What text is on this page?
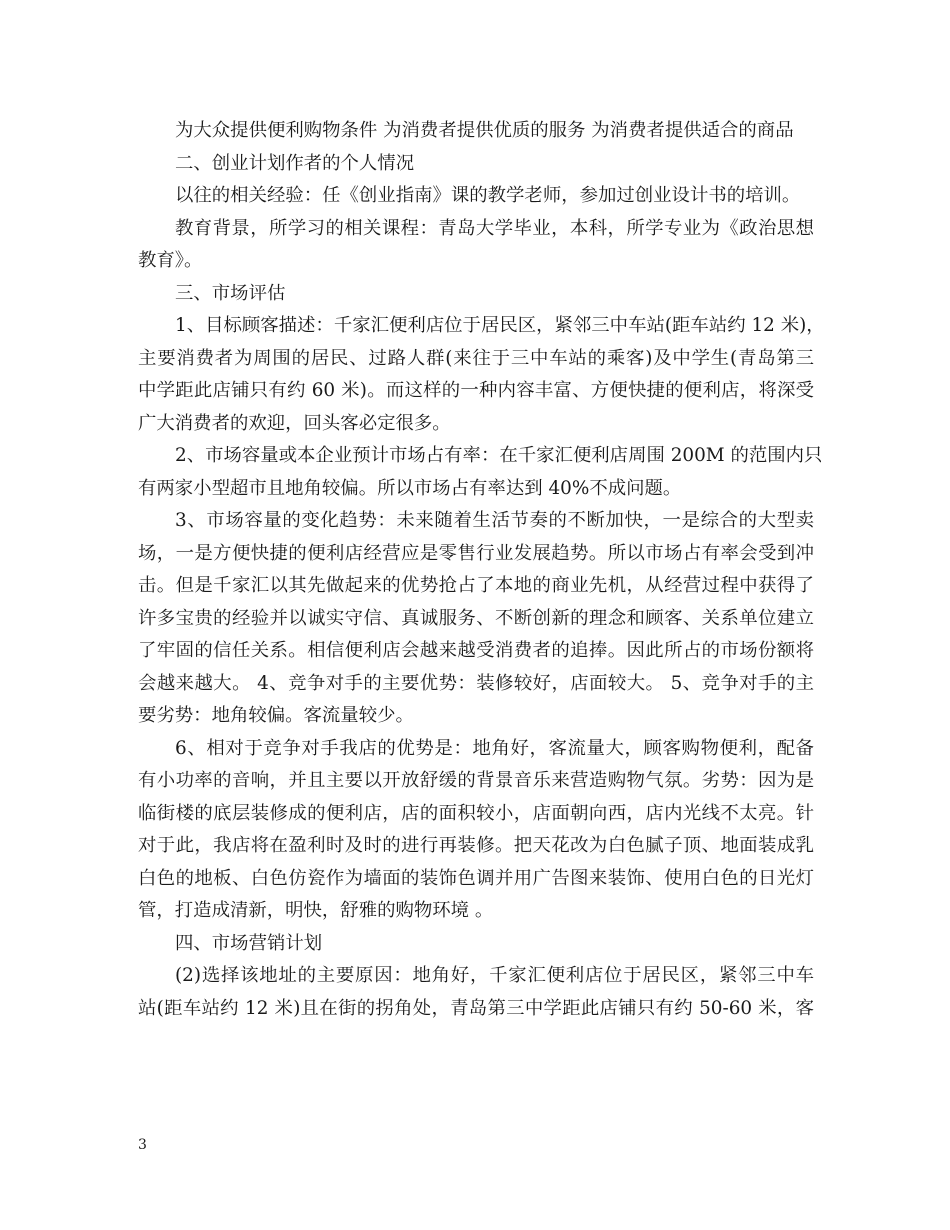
为大众提供便利购物条件 为消费者提供优质的服务 为消费者提供适合的商品
二、创业计划作者的个人情况
以往的相关经验：任《创业指南》课的教学老师，参加过创业设计书的培训。
教育背景，所学习的相关课程：青岛大学毕业，本科，所学专业为《政治思想
教育》。
三、市场评估
1、目标顾客描述：千家汇便利店位于居民区，紧邻三中车站(距车站约 12 米)，
主要消费者为周围的居民、过路人群(来往于三中车站的乘客)及中学生(青岛第三
中学距此店铺只有约 60 米)。而这样的一种内容丰富、方便快捷的便利店，将深受
广大消费者的欢迎，回头客必定很多。
2、市场容量或本企业预计市场占有率：在千家汇便利店周围 200M 的范围内只
有两家小型超市且地角较偏。所以市场占有率达到 40%不成问题。
3、市场容量的变化趋势：未来随着生活节奏的不断加快，一是综合的大型卖
场，一是方便快捷的便利店经营应是零售行业发展趋势。所以市场占有率会受到冲
击。但是千家汇以其先做起来的优势抢占了本地的商业先机，从经营过程中获得了
许多宝贵的经验并以诚实守信、真诚服务、不断创新的理念和顾客、关系单位建立
了牢固的信任关系。相信便利店会越来越受消费者的追捧。因此所占的市场份额将
会越来越大。 4、竞争对手的主要优势：装修较好，店面较大。 5、竞争对手的主
要劣势：地角较偏。客流量较少。
6、相对于竞争对手我店的优势是：地角好，客流量大，顾客购物便利，配备
有小功率的音响，并且主要以开放舒缓的背景音乐来营造购物气氛。劣势：因为是
临街楼的底层装修成的便利店，店的面积较小，店面朝向西，店内光线不太亮。针
对于此，我店将在盈利时及时的进行再装修。把天花改为白色腻子顶、地面装成乳
白色的地板、白色仿瓷作为墙面的装饰色调并用广告图来装饰、使用白色的日光灯
管，打造成清新，明快，舒雅的购物环境 。
四、市场营销计划
(2)选择该地址的主要原因：地角好，千家汇便利店位于居民区，紧邻三中车
站(距车站约 12 米)且在街的拐角处，青岛第三中学距此店铺只有约 50-60 米，客
3
